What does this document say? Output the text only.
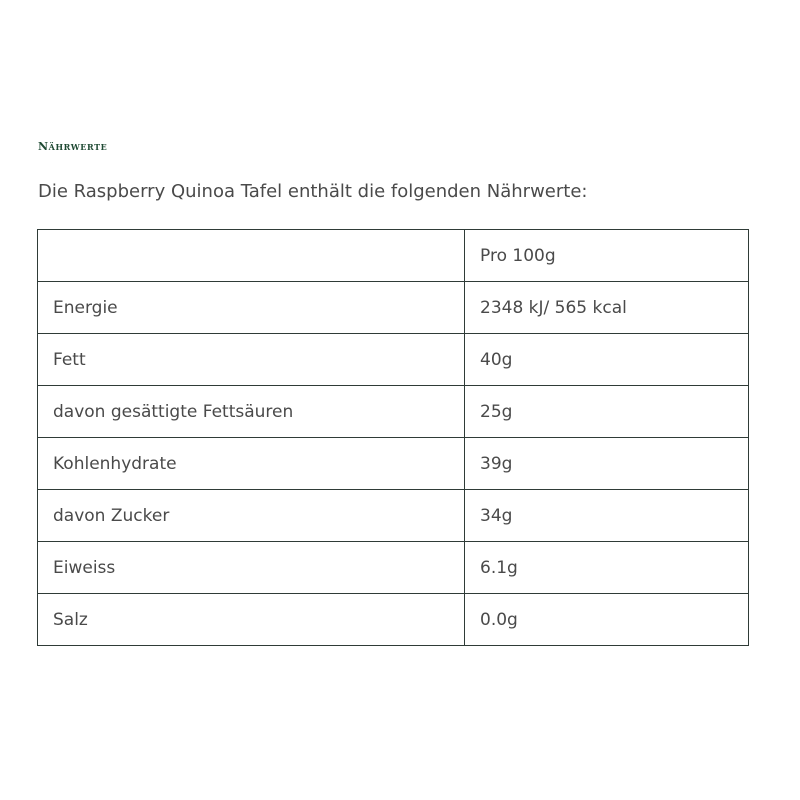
Nährwerte
Die Raspberry Quinoa Tafel enthält die folgenden Nährwerte:
	Pro 100g
Energie	2348 kJ/ 565 kcal
Fett	40g
davon gesättigte Fettsäuren	25g
Kohlenhydrate	39g
davon Zucker	34g
Eiweiss	6.1g
Salz	0.0g
